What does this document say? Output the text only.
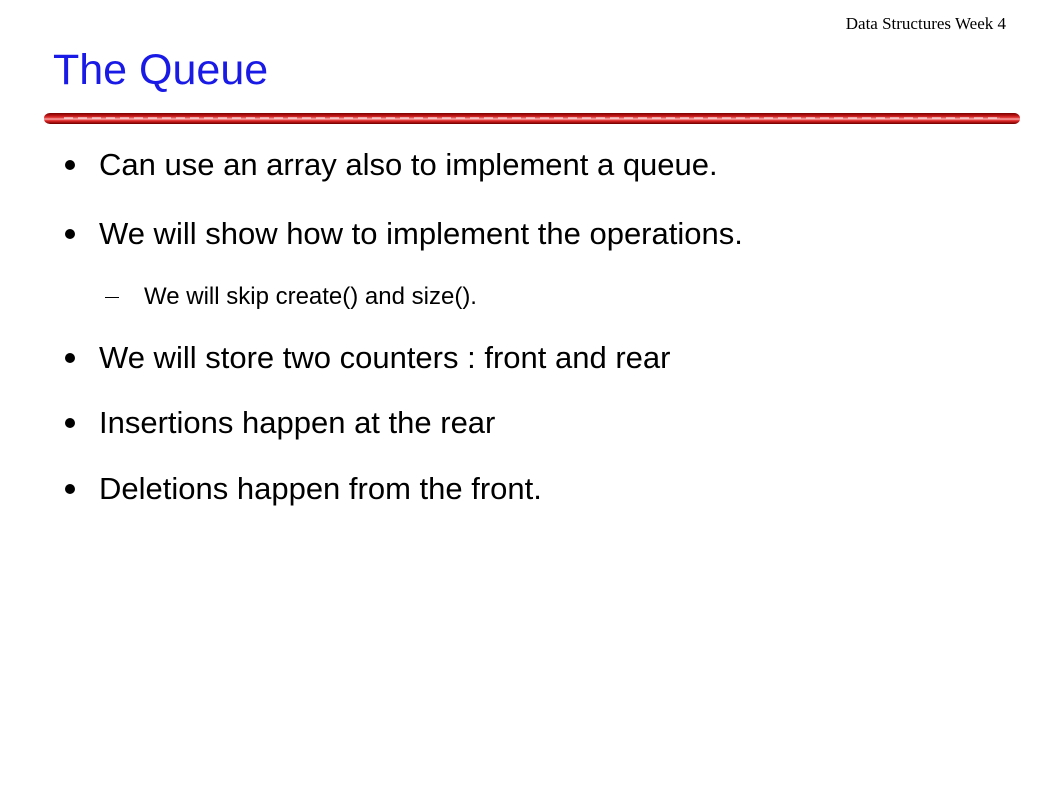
Data Structures Week 4
The Queue
Can use an array also to implement a queue.
We will show how to implement the operations.
We will skip create() and size().
We will store two counters : front and rear
Insertions happen at the rear
Deletions happen from the front.
